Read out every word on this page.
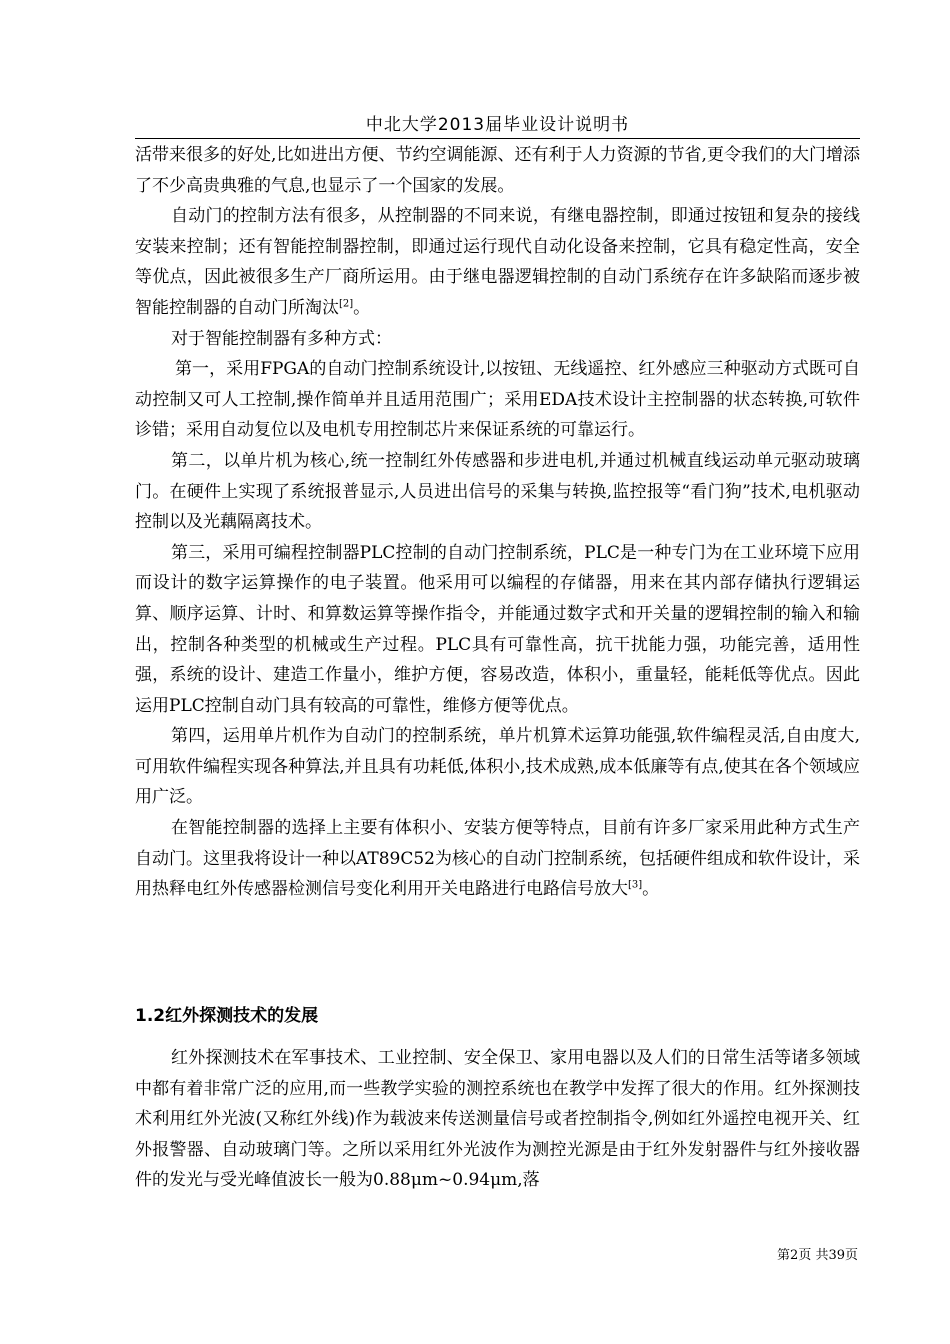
中北大学2013届毕业设计说明书

活带来很多的好处,比如进出方便、节约空调能源、还有利于人力资源的节省,更令我们的大门增添了不少高贵典雅的气息,也显示了一个国家的发展。

自动门的控制方法有很多，从控制器的不同来说，有继电器控制，即通过按钮和复杂的接线安装来控制；还有智能控制器控制，即通过运行现代自动化设备来控制，它具有稳定性高，安全等优点，因此被很多生产厂商所运用。由于继电器逻辑控制的自动门系统存在许多缺陷而逐步被智能控制器的自动门所淘汰[2]。

对于智能控制器有多种方式：

第一，采用FPGA的自动门控制系统设计,以按钮、无线遥控、红外感应三种驱动方式既可自动控制又可人工控制,操作简单并且适用范围广；采用EDA技术设计主控制器的状态转换,可软件诊错；采用自动复位以及电机专用控制芯片来保证系统的可靠运行。

第二，以单片机为核心,统一控制红外传感器和步进电机,并通过机械直线运动单元驱动玻璃门。在硬件上实现了系统报普显示,人员进出信号的采集与转换,监控报等“看门狗”技术,电机驱动控制以及光藕隔离技术。

第三，采用可编程控制器PLC控制的自动门控制系统，PLC是一种专门为在工业环境下应用而设计的数字运算操作的电子装置。他采用可以编程的存储器，用来在其内部存储执行逻辑运算、顺序运算、计时、和算数运算等操作指令，并能通过数字式和开关量的逻辑控制的输入和输出，控制各种类型的机械或生产过程。PLC具有可靠性高，抗干扰能力强，功能完善，适用性强，系统的设计、建造工作量小，维护方便，容易改造，体积小，重量轻，能耗低等优点。因此运用PLC控制自动门具有较高的可靠性，维修方便等优点。

第四，运用单片机作为自动门的控制系统，单片机算术运算功能强,软件编程灵活,自由度大,可用软件编程实现各种算法,并且具有功耗低,体积小,技术成熟,成本低廉等有点,使其在各个领域应用广泛。

在智能控制器的选择上主要有体积小、安装方便等特点，目前有许多厂家采用此种方式生产自动门。这里我将设计一种以AT89C52为核心的自动门控制系统，包括硬件组成和软件设计，采用热释电红外传感器检测信号变化利用开关电路进行电路信号放大[3]。

1.2红外探测技术的发展

红外探测技术在军事技术、工业控制、安全保卫、家用电器以及人们的日常生活等诸多领域中都有着非常广泛的应用,而一些教学实验的测控系统也在教学中发挥了很大的作用。红外探测技术利用红外光波(又称红外线)作为载波来传送测量信号或者控制指令,例如红外遥控电视开关、红外报警器、自动玻璃门等。之所以采用红外光波作为测控光源是由于红外发射器件与红外接收器件的发光与受光峰值波长一般为0.88μm~0.94μm,落

第2页 共39页
